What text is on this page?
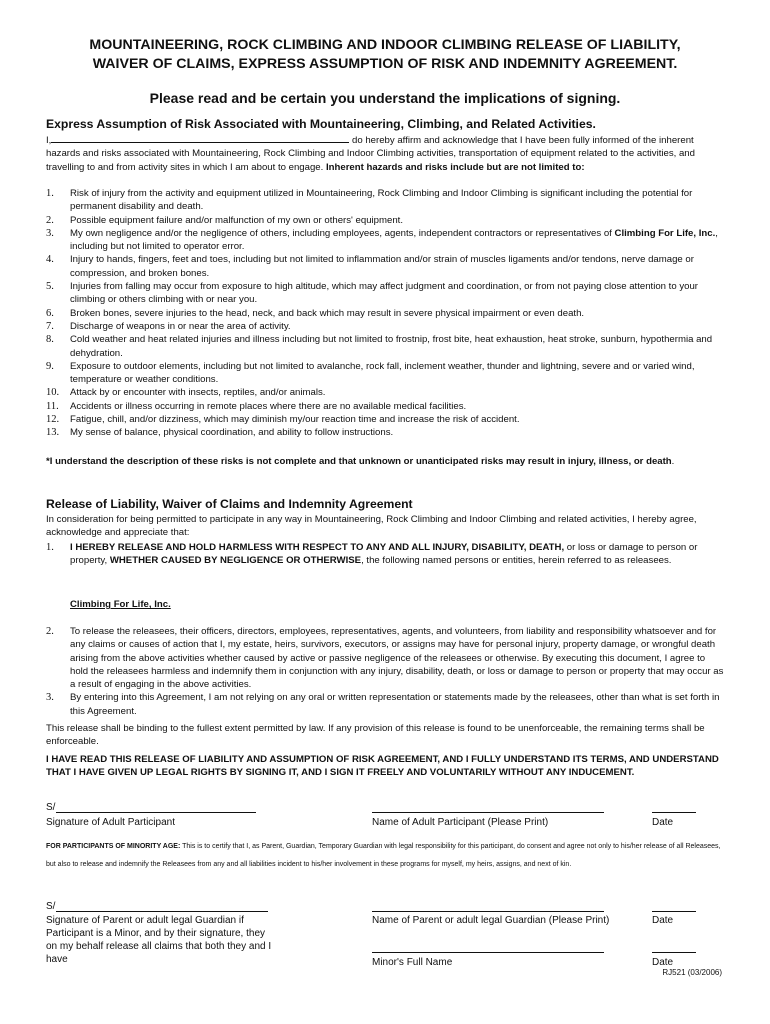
MOUNTAINEERING, ROCK CLIMBING AND INDOOR CLIMBING RELEASE OF LIABILITY,
WAIVER OF CLAIMS, EXPRESS ASSUMPTION OF RISK AND INDEMNITY AGREEMENT.
Please read and be certain you understand the implications of signing.
Express Assumption of Risk Associated with Mountaineering, Climbing, and Related Activities.
I,	do hereby affirm and acknowledge that I have been fully informed of the inherent hazards and risks associated with Mountaineering, Rock Climbing and Indoor Climbing activities, transportation of equipment related to the activities, and travelling to and from activity sites in which I am about to engage. Inherent hazards and risks include but are not limited to:
1. Risk of injury from the activity and equipment utilized in Mountaineering, Rock Climbing and Indoor Climbing is significant including the potential for permanent disability and death.
2. Possible equipment failure and/or malfunction of my own or others' equipment.
3. My own negligence and/or the negligence of others, including employees, agents, independent contractors or representatives of Climbing For Life, Inc., including but not limited to operator error.
4. Injury to hands, fingers, feet and toes, including but not limited to inflammation and/or strain of muscles ligaments and/or tendons, nerve damage or compression, and broken bones.
5. Injuries from falling may occur from exposure to high altitude, which may affect judgment and coordination, or from not paying close attention to your climbing or others climbing with or near you.
6. Broken bones, severe injuries to the head, neck, and back which may result in severe physical impairment or even death.
7. Discharge of weapons in or near the area of activity.
8. Cold weather and heat related injuries and illness including but not limited to frostnip, frost bite, heat exhaustion, heat stroke, sunburn, hypothermia and dehydration.
9. Exposure to outdoor elements, including but not limited to avalanche, rock fall, inclement weather, thunder and lightning, severe and or varied wind, temperature or weather conditions.
10. Attack by or encounter with insects, reptiles, and/or animals.
11. Accidents or illness occurring in remote places where there are no available medical facilities.
12. Fatigue, chill, and/or dizziness, which may diminish my/our reaction time and increase the risk of accident.
13. My sense of balance, physical coordination, and ability to follow instructions.
*I understand the description of these risks is not complete and that unknown or unanticipated risks may result in injury, illness, or death.
Release of Liability, Waiver of Claims and Indemnity Agreement
In consideration for being permitted to participate in any way in Mountaineering, Rock Climbing and Indoor Climbing and related activities, I hereby agree, acknowledge and appreciate that:
1. I HEREBY RELEASE AND HOLD HARMLESS WITH RESPECT TO ANY AND ALL INJURY, DISABILITY, DEATH, or loss or damage to person or property, WHETHER CAUSED BY NEGLIGENCE OR OTHERWISE, the following named persons or entities, herein referred to as releasees.
Climbing For Life, Inc.
2. To release the releasees, their officers, directors, employees, representatives, agents, and volunteers, from liability and responsibility whatsoever and for any claims or causes of action that I, my estate, heirs, survivors, executors, or assigns may have for personal injury, property damage, or wrongful death arising from the above activities whether caused by active or passive negligence of the releasees or otherwise. By executing this document, I agree to hold the releasees harmless and indemnify them in conjunction with any injury, disability, death, or loss or damage to person or property that may occur as a result of engaging in the above activities.
3. By entering into this Agreement, I am not relying on any oral or written representation or statements made by the releasees, other than what is set forth in this Agreement.
This release shall be binding to the fullest extent permitted by law. If any provision of this release is found to be unenforceable, the remaining terms shall be enforceable.
I HAVE READ THIS RELEASE OF LIABILITY AND ASSUMPTION OF RISK AGREEMENT, AND I FULLY UNDERSTAND ITS TERMS, AND UNDERSTAND THAT I HAVE GIVEN UP LEGAL RIGHTS BY SIGNING IT, AND I SIGN IT FREELY AND VOLUNTARILY WITHOUT ANY INDUCEMENT.
S/
Signature of Adult Participant	Name of Adult Participant (Please Print)	Date
FOR PARTICIPANTS OF MINORITY AGE: This is to certify that I, as Parent, Guardian, Temporary Guardian with legal responsibility for this participant, do consent and agree not only to his/her release of all Releasees, but also to release and indemnify the Releasees from any and all liabilities incident to his/her involvement in these programs for myself, my heirs, assigns, and next of kin.
S/
Signature of Parent or adult legal Guardian if Participant is a Minor, and by their signature, they on my behalf release all claims that both they and I have
Name of Parent or adult legal Guardian (Please Print)	Date
Minor's Full Name	Date
RJ521 (03/2006)
